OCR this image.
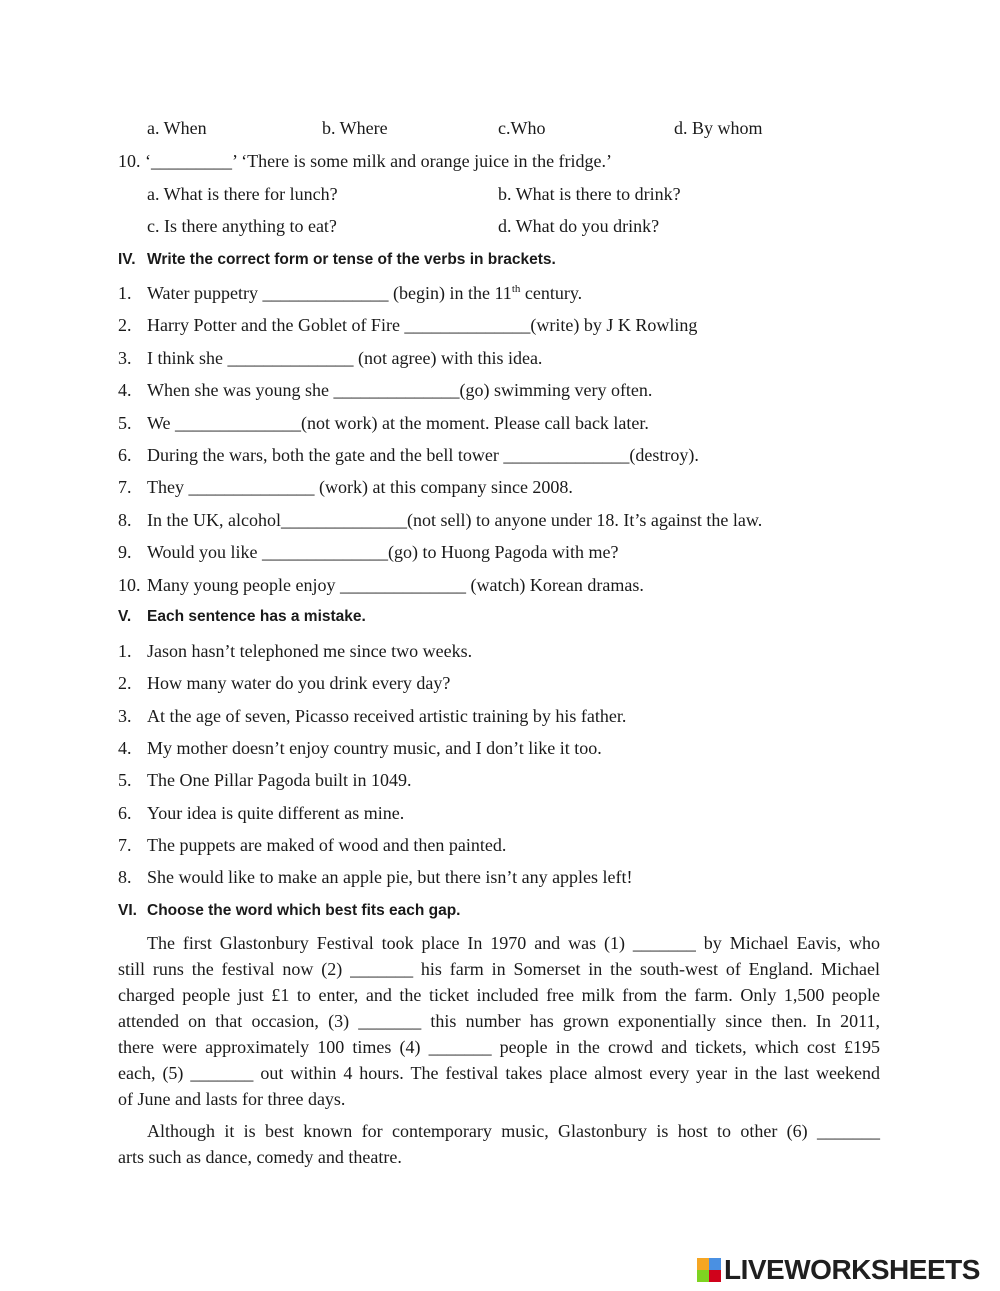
a. When	b. Where	c.Who	d. By whom
10. ‘_________’ ‘There is some milk and orange juice in the fridge.’
a. What is there for lunch?	b. What is there to drink?
c. Is there anything to eat?	d. What do you drink?
IV. Write the correct form or tense of the verbs in brackets.
1. Water puppetry ______________ (begin) in the 11th century.
2. Harry Potter and the Goblet of Fire ______________(write) by J K Rowling
3. I think she ______________ (not agree) with this idea.
4. When she was young she ______________(go) swimming very often.
5. We ______________(not work) at the moment. Please call back later.
6. During the wars, both the gate and the bell tower ______________(destroy).
7. They ______________ (work) at this company since 2008.
8. In the UK, alcohol______________(not sell) to anyone under 18. It’s against the law.
9. Would you like ______________(go) to Huong Pagoda with me?
10. Many young people enjoy ______________ (watch) Korean dramas.
V. Each sentence has a mistake.
1. Jason hasn’t telephoned me since two weeks.
2. How many water do you drink every day?
3. At the age of seven, Picasso received artistic training by his father.
4. My mother doesn’t enjoy country music, and I don’t like it too.
5. The One Pillar Pagoda built in 1049.
6. Your idea is quite different as mine.
7. The puppets are maked of wood and then painted.
8. She would like to make an apple pie, but there isn’t any apples left!
VI. Choose the word which best fits each gap.
The first Glastonbury Festival took place In 1970 and was (1) _______ by Michael Eavis, who
still runs the festival now (2) _______ his farm in Somerset in the south-west of England. Michael
charged people just £1 to enter, and the ticket included free milk from the farm. Only 1,500 people
attended on that occasion, (3) _______ this number has grown exponentially since then. In 2011,
there were approximately 100 times (4) _______ people in the crowd and tickets, which cost £195
each, (5) _______ out within 4 hours. The festival takes place almost every year in the last weekend
of June and lasts for three days.
Although it is best known for contemporary music, Glastonbury is host to other (6) _______
arts such as dance, comedy and theatre.
LIVEWORKSHEETS
